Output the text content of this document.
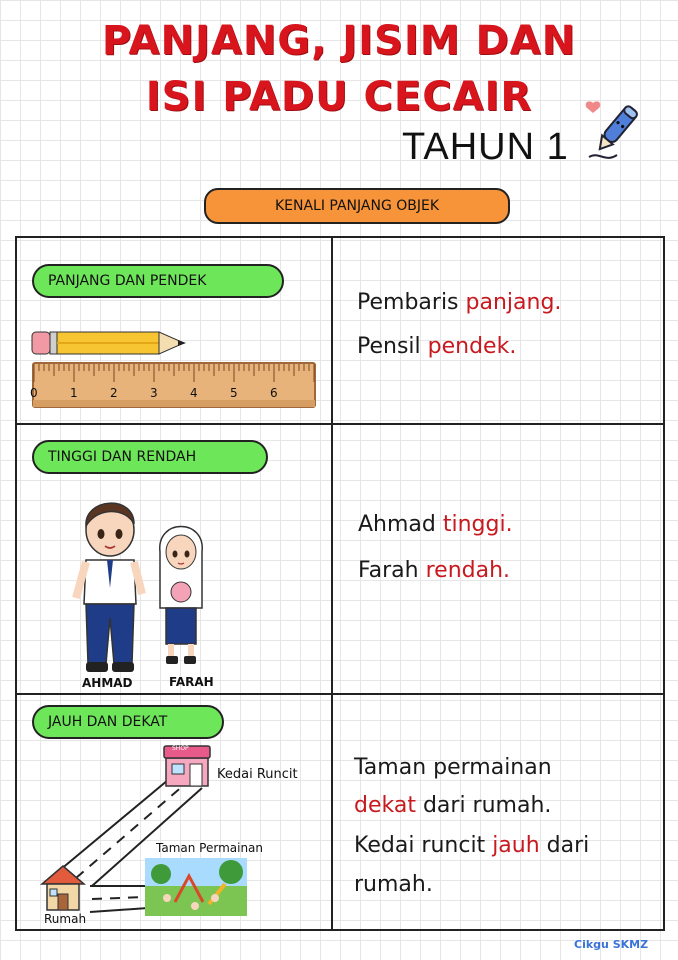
PANJANG, JISIM DAN
ISI PADU CECAIR
TAHUN 1
KENALI PANJANG OBJEK
PANJANG DAN PENDEK
0	1	2	3	4	5	6
Pembaris panjang.
Pensil pendek.
TINGGI DAN RENDAH
AHMAD	FARAH
Ahmad tinggi.
Farah rendah.
JAUH DAN DEKAT
SHOP
Kedai Runcit
Taman Permainan
Rumah
Taman permainan
dekat dari rumah.
Kedai runcit jauh dari
rumah.
Cikgu SKMZ
